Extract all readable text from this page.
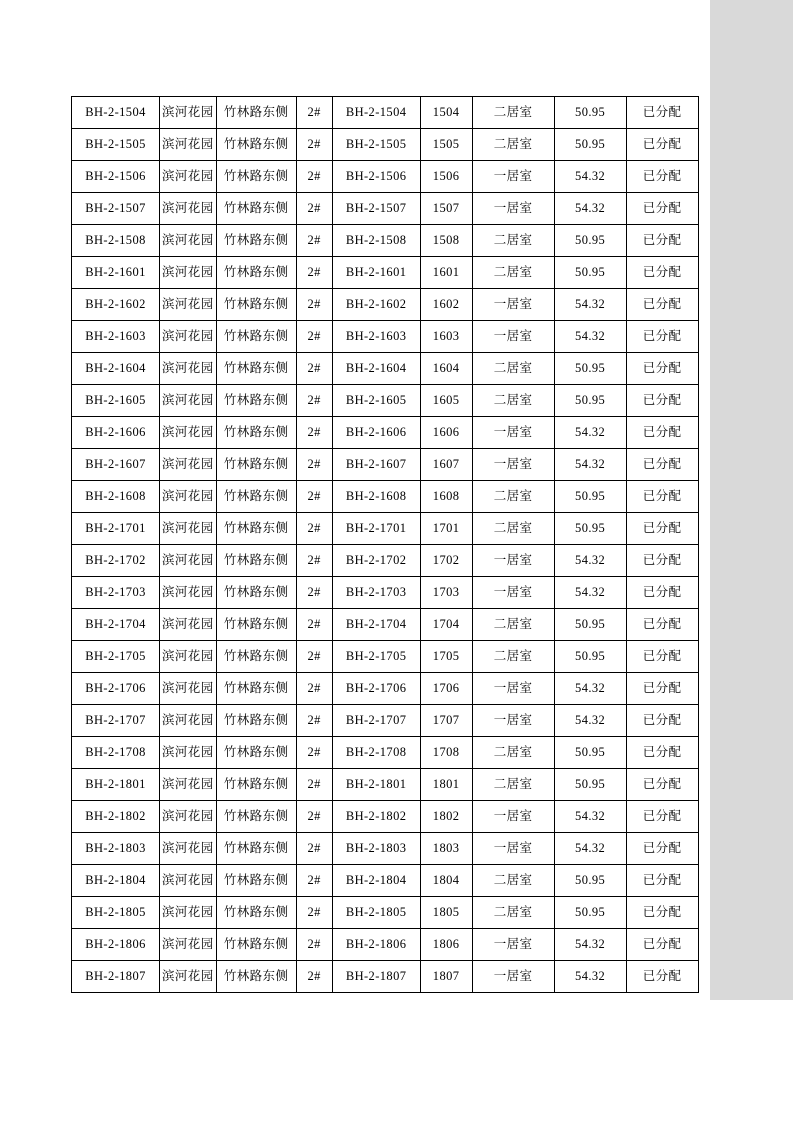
BH-2-1504	滨河花园	竹林路东侧	2#	BH-2-1504	1504	二居室	50.95	已分配
BH-2-1505	滨河花园	竹林路东侧	2#	BH-2-1505	1505	二居室	50.95	已分配
BH-2-1506	滨河花园	竹林路东侧	2#	BH-2-1506	1506	一居室	54.32	已分配
BH-2-1507	滨河花园	竹林路东侧	2#	BH-2-1507	1507	一居室	54.32	已分配
BH-2-1508	滨河花园	竹林路东侧	2#	BH-2-1508	1508	二居室	50.95	已分配
BH-2-1601	滨河花园	竹林路东侧	2#	BH-2-1601	1601	二居室	50.95	已分配
BH-2-1602	滨河花园	竹林路东侧	2#	BH-2-1602	1602	一居室	54.32	已分配
BH-2-1603	滨河花园	竹林路东侧	2#	BH-2-1603	1603	一居室	54.32	已分配
BH-2-1604	滨河花园	竹林路东侧	2#	BH-2-1604	1604	二居室	50.95	已分配
BH-2-1605	滨河花园	竹林路东侧	2#	BH-2-1605	1605	二居室	50.95	已分配
BH-2-1606	滨河花园	竹林路东侧	2#	BH-2-1606	1606	一居室	54.32	已分配
BH-2-1607	滨河花园	竹林路东侧	2#	BH-2-1607	1607	一居室	54.32	已分配
BH-2-1608	滨河花园	竹林路东侧	2#	BH-2-1608	1608	二居室	50.95	已分配
BH-2-1701	滨河花园	竹林路东侧	2#	BH-2-1701	1701	二居室	50.95	已分配
BH-2-1702	滨河花园	竹林路东侧	2#	BH-2-1702	1702	一居室	54.32	已分配
BH-2-1703	滨河花园	竹林路东侧	2#	BH-2-1703	1703	一居室	54.32	已分配
BH-2-1704	滨河花园	竹林路东侧	2#	BH-2-1704	1704	二居室	50.95	已分配
BH-2-1705	滨河花园	竹林路东侧	2#	BH-2-1705	1705	二居室	50.95	已分配
BH-2-1706	滨河花园	竹林路东侧	2#	BH-2-1706	1706	一居室	54.32	已分配
BH-2-1707	滨河花园	竹林路东侧	2#	BH-2-1707	1707	一居室	54.32	已分配
BH-2-1708	滨河花园	竹林路东侧	2#	BH-2-1708	1708	二居室	50.95	已分配
BH-2-1801	滨河花园	竹林路东侧	2#	BH-2-1801	1801	二居室	50.95	已分配
BH-2-1802	滨河花园	竹林路东侧	2#	BH-2-1802	1802	一居室	54.32	已分配
BH-2-1803	滨河花园	竹林路东侧	2#	BH-2-1803	1803	一居室	54.32	已分配
BH-2-1804	滨河花园	竹林路东侧	2#	BH-2-1804	1804	二居室	50.95	已分配
BH-2-1805	滨河花园	竹林路东侧	2#	BH-2-1805	1805	二居室	50.95	已分配
BH-2-1806	滨河花园	竹林路东侧	2#	BH-2-1806	1806	一居室	54.32	已分配
BH-2-1807	滨河花园	竹林路东侧	2#	BH-2-1807	1807	一居室	54.32	已分配
